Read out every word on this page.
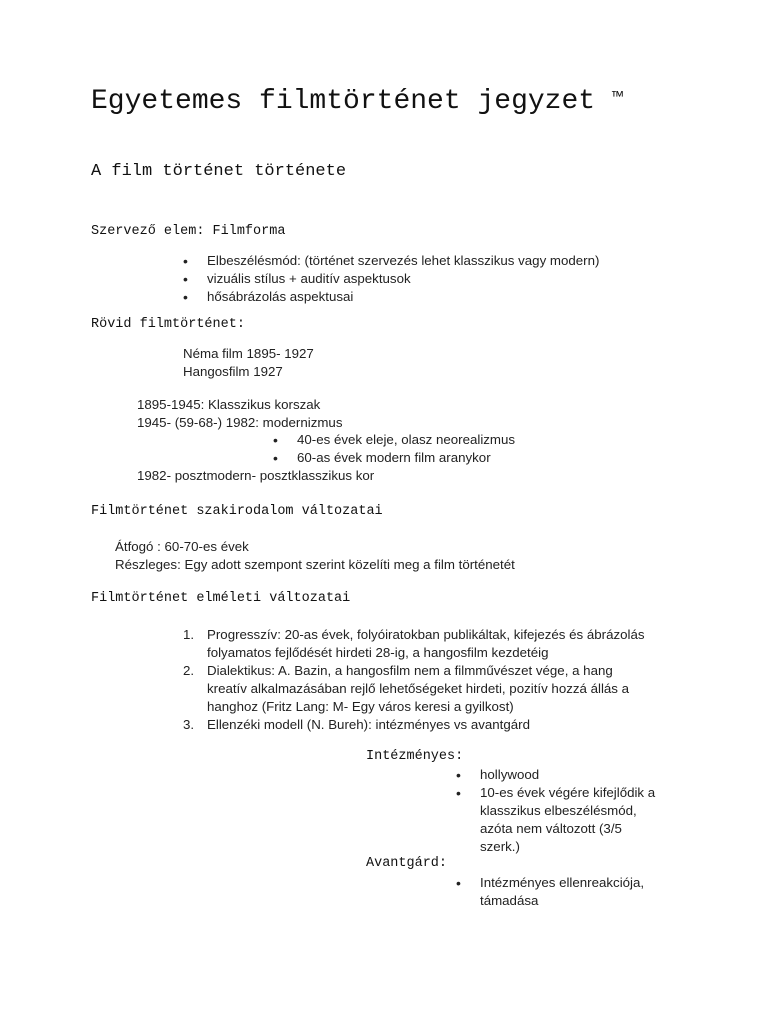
Egyetemes filmtörténet jegyzet ™
A film történet története
Szervező elem: Filmforma
• Elbeszélésmód: (történet szervezés lehet klasszikus vagy modern)
• vizuális stílus + auditív aspektusok
• hősábrázolás aspektusai
Rövid filmtörténet:
Néma film 1895- 1927
Hangosfilm 1927
1895-1945: Klasszikus korszak
1945- (59-68-) 1982: modernizmus
• 40-es évek eleje, olasz neorealizmus
• 60-as évek modern film aranykor
1982- posztmodern- posztklasszikus kor
Filmtörténet szakirodalom változatai
Átfogó : 60-70-es évek
Részleges: Egy adott szempont szerint közelíti meg a film történetét
Filmtörténet elméleti változatai
1. Progresszív: 20-as évek, folyóiratokban publikáltak, kifejezés és ábrázolás
folyamatos fejlődését hirdeti 28-ig, a hangosfilm kezdetéig
2. Dialektikus: A. Bazin, a hangosfilm nem a filmművészet vége, a hang
kreatív alkalmazásában rejlő lehetőségeket hirdeti, pozitív hozzá állás a
hanghoz (Fritz Lang: M- Egy város keresi a gyilkost)
3. Ellenzéki modell (N. Bureh): intézményes vs avantgárd
Intézményes:
• hollywood
• 10-es évek végére kifejlődik a
klasszikus elbeszélésmód,
azóta nem változott (3/5
szerk.)
Avantgárd:
• Intézményes ellenreakciója,
támadása
